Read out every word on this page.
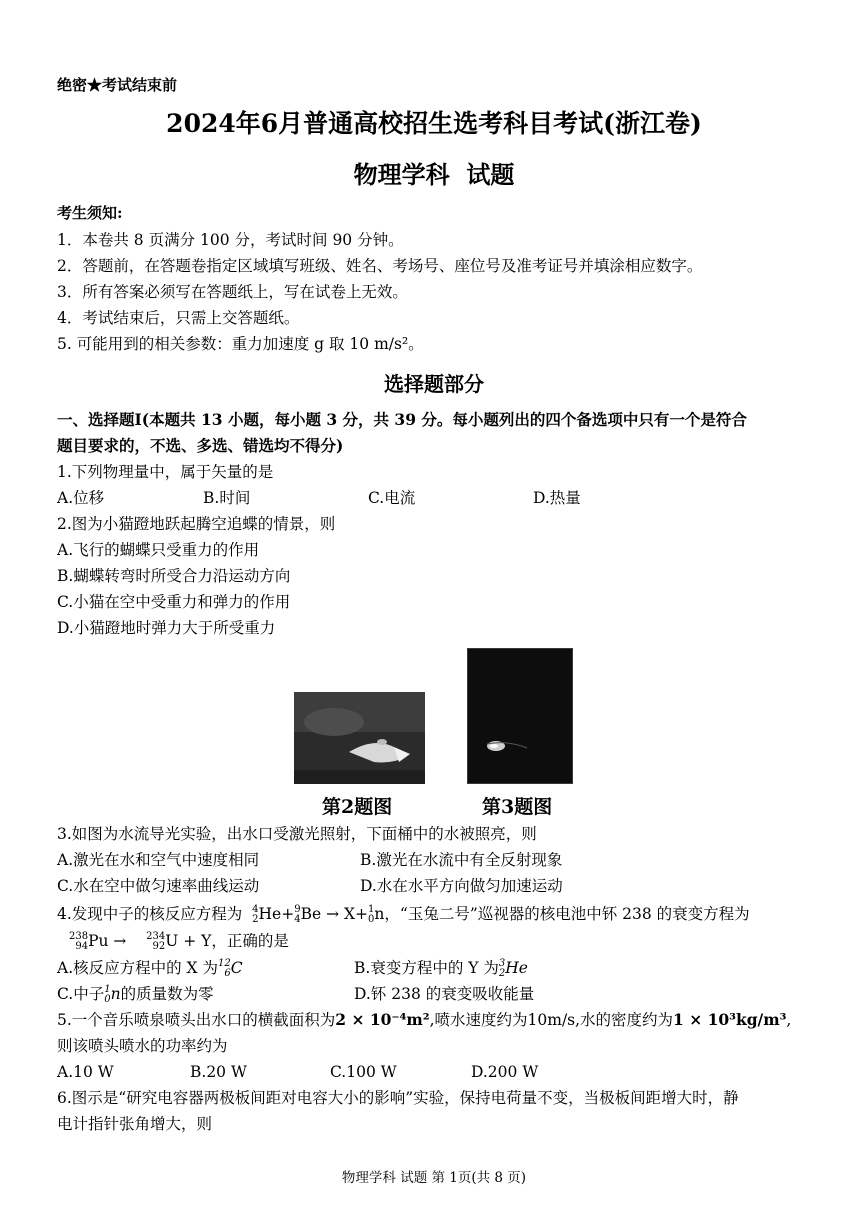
绝密★考试结束前
2024年6月普通高校招生选考科目考试(浙江卷)
物理学科  试题
考生须知:
1．本卷共 8 页满分 100 分，考试时间 90 分钟。
2．答题前，在答题卷指定区域填写班级、姓名、考场号、座位号及准考证号并填涂相应数字。
3．所有答案必须写在答题纸上，写在试卷上无效。
4．考试结束后，只需上交答题纸。
5. 可能用到的相关参数：重力加速度 g 取 10 m/s²。
选择题部分
一、选择题Ⅰ(本题共 13 小题，每小题 3 分，共 39 分。每小题列出的四个备选项中只有一个是符合
题目要求的，不选、多选、错选均不得分)
1.下列物理量中，属于矢量的是
A.位移	B.时间	C.电流	D.热量
2.图为小猫蹬地跃起腾空追蝶的情景，则
A.飞行的蝴蝶只受重力的作用
B.蝴蝶转弯时所受合力沿运动方向
C.小猫在空中受重力和弹力的作用
D.小猫蹬地时弹力大于所受重力
第2题图	第3题图
3.如图为水流导光实验，出水口受激光照射，下面桶中的水被照亮，则
A.激光在水和空气中速度相同	B.激光在水流中有全反射现象
C.水在空中做匀速率曲线运动	D.水在水平方向做匀加速运动
4.发现中子的核反应方程为 4
2He+9
4Be → X+1
0n，“玉兔二号”巡视器的核电池中钚 238 的衰变方程为
238
94Pu → 234
92U + Y，正确的是
A.核反应方程中的 X 为12
6C	B.衰变方程中的 Y 为3
2He
C.中子1
0n的质量数为零	D.钚 238 的衰变吸收能量
5.一个音乐喷泉喷头出水口的横截面积为2 × 10⁻⁴m²,喷水速度约为10m/s,水的密度约为1 × 10³kg/m³,
则该喷头喷水的功率约为
A.10 W	B.20 W	C.100 W	D.200 W
6.图示是“研究电容器两极板间距对电容大小的影响”实验，保持电荷量不变，当极板间距增大时，静
电计指针张角增大，则
物理学科 试题 第 1页(共 8 页)
